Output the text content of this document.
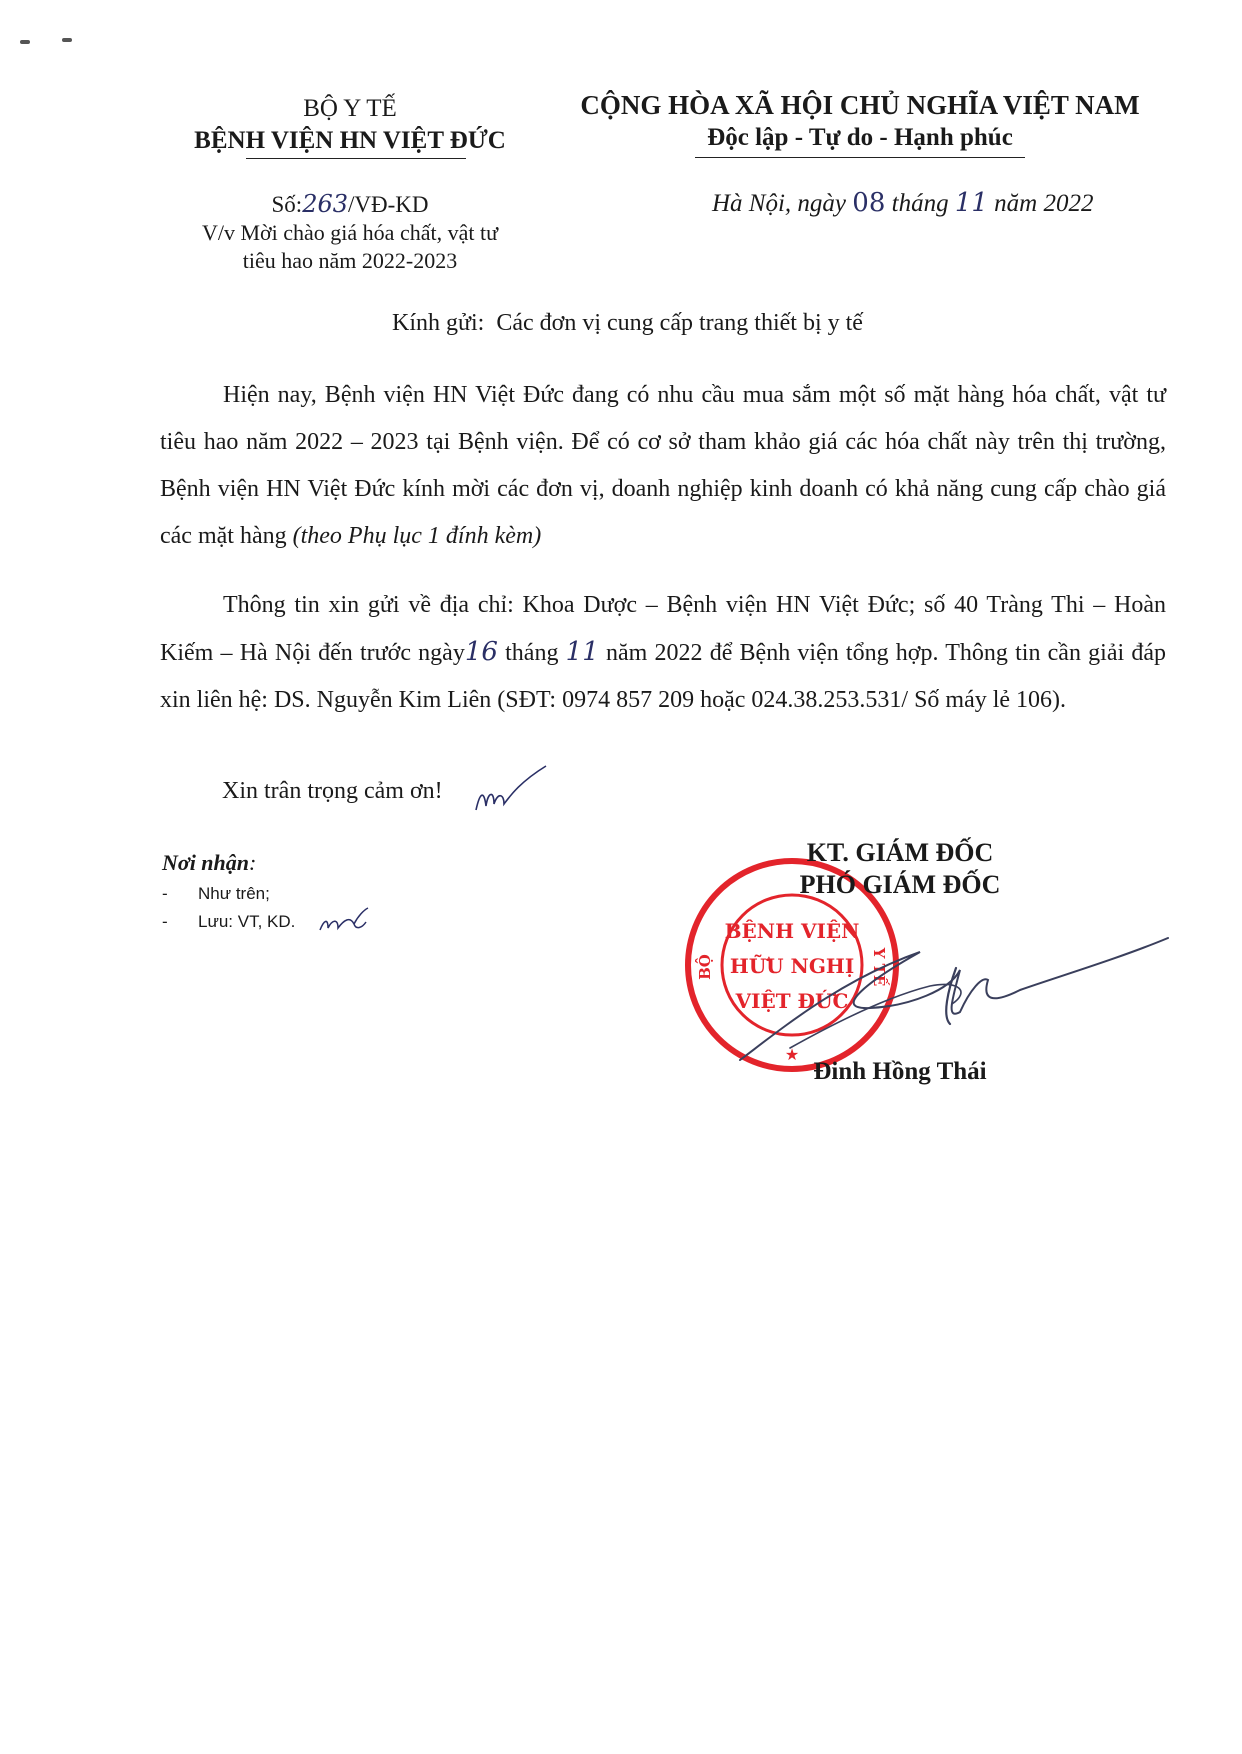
BỘ Y TẾ
BỆNH VIỆN HN VIỆT ĐỨC
Số:263/VĐ-KD
V/v Mời chào giá hóa chất, vật tư
tiêu hao năm 2022-2023
CỘNG HÒA XÃ HỘI CHỦ NGHĨA VIỆT NAM
Độc lập - Tự do - Hạnh phúc
Hà Nội, ngày 08 tháng 11 năm 2022
Kính gửi:  Các đơn vị cung cấp trang thiết bị y tế
Hiện nay, Bệnh viện HN Việt Đức đang có nhu cầu mua sắm một số mặt hàng hóa chất, vật tư tiêu hao năm 2022 – 2023 tại Bệnh viện. Để có cơ sở tham khảo giá các hóa chất này trên thị trường, Bệnh viện HN Việt Đức kính mời các đơn vị, doanh nghiệp kinh doanh có khả năng cung cấp chào giá các mặt hàng (theo Phụ lục 1 đính kèm)
Thông tin xin gửi về địa chỉ: Khoa Dược – Bệnh viện HN Việt Đức; số 40 Tràng Thi – Hoàn Kiếm – Hà Nội đến trước ngày16 tháng 11 năm 2022 để Bệnh viện tổng hợp. Thông tin cần giải đáp xin liên hệ: DS. Nguyễn Kim Liên (SĐT: 0974 857 209 hoặc 024.38.253.531/ Số máy lẻ 106).
Xin trân trọng cảm ơn!
Nơi nhận:
- Như trên;
- Lưu: VT, KD.	BỆNH VIỆN
HỮU NGHỊ
VIỆT ĐỨC
BỘ	Y TẾ
★
KT. GIÁM ĐỐC
PHÓ GIÁM ĐỐC
Đinh Hồng Thái
